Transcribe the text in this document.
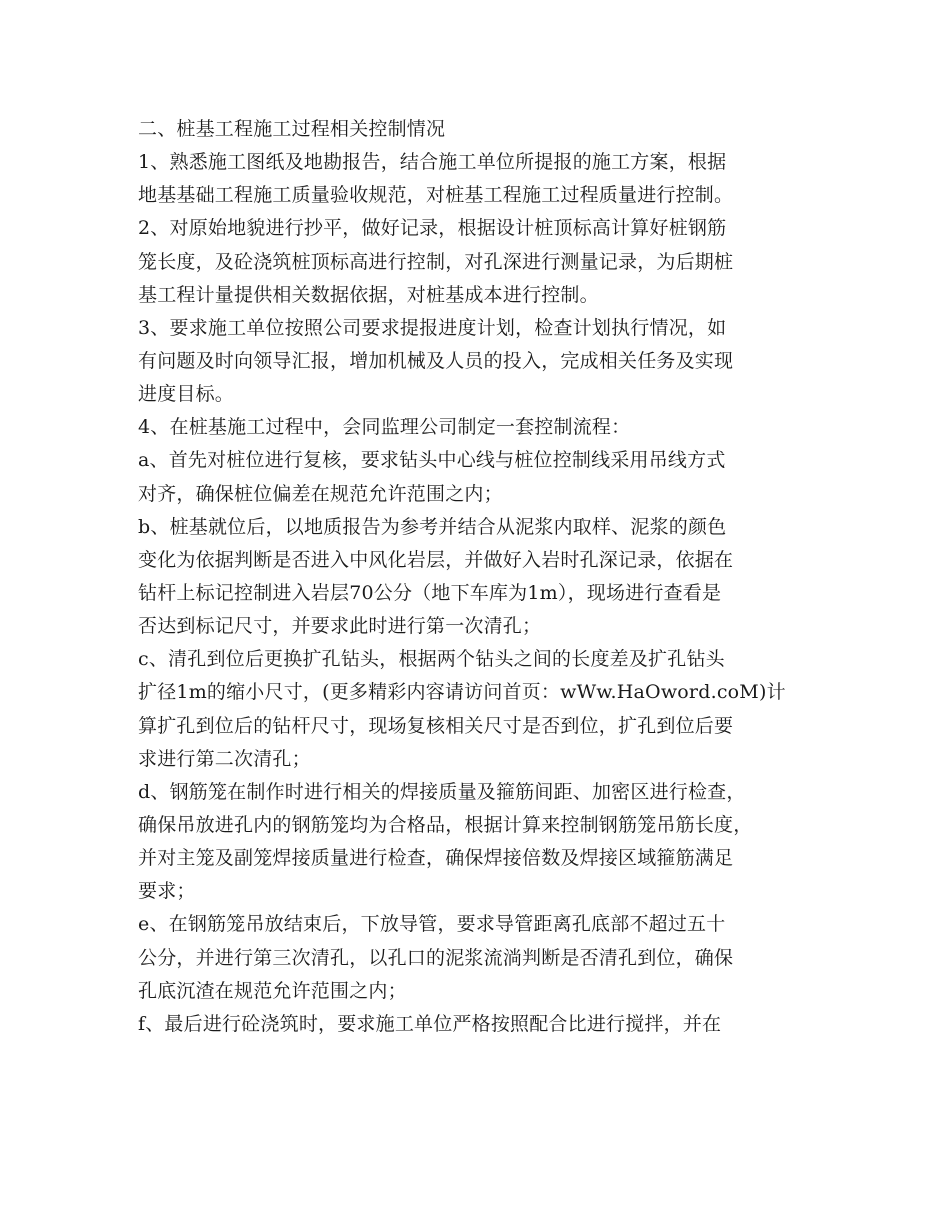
二、桩基工程施工过程相关控制情况
1、熟悉施工图纸及地勘报告，结合施工单位所提报的施工方案，根据
地基基础工程施工质量验收规范，对桩基工程施工过程质量进行控制。
2、对原始地貌进行抄平，做好记录，根据设计桩顶标高计算好桩钢筋
笼长度，及砼浇筑桩顶标高进行控制，对孔深进行测量记录，为后期桩
基工程计量提供相关数据依据，对桩基成本进行控制。
3、要求施工单位按照公司要求提报进度计划，检查计划执行情况，如
有问题及时向领导汇报，增加机械及人员的投入，完成相关任务及实现
进度目标。
4、在桩基施工过程中，会同监理公司制定一套控制流程：
a、首先对桩位进行复核，要求钻头中心线与桩位控制线采用吊线方式
对齐，确保桩位偏差在规范允许范围之内；
b、桩基就位后，以地质报告为参考并结合从泥浆内取样、泥浆的颜色
变化为依据判断是否进入中风化岩层，并做好入岩时孔深记录，依据在
钻杆上标记控制进入岩层70公分（地下车库为1m），现场进行查看是
否达到标记尺寸，并要求此时进行第一次清孔；
c、清孔到位后更换扩孔钻头，根据两个钻头之间的长度差及扩孔钻头
扩径1m的缩小尺寸，(更多精彩内容请访问首页：wWw.HaOword.coM)计
算扩孔到位后的钻杆尺寸，现场复核相关尺寸是否到位，扩孔到位后要
求进行第二次清孔；
d、钢筋笼在制作时进行相关的焊接质量及箍筋间距、加密区进行检查，
确保吊放进孔内的钢筋笼均为合格品，根据计算来控制钢筋笼吊筋长度，
并对主笼及副笼焊接质量进行检查，确保焊接倍数及焊接区域箍筋满足
要求；
e、在钢筋笼吊放结束后，下放导管，要求导管距离孔底部不超过五十
公分，并进行第三次清孔，以孔口的泥浆流淌判断是否清孔到位，确保
孔底沉渣在规范允许范围之内；
f、最后进行砼浇筑时，要求施工单位严格按照配合比进行搅拌，并在
